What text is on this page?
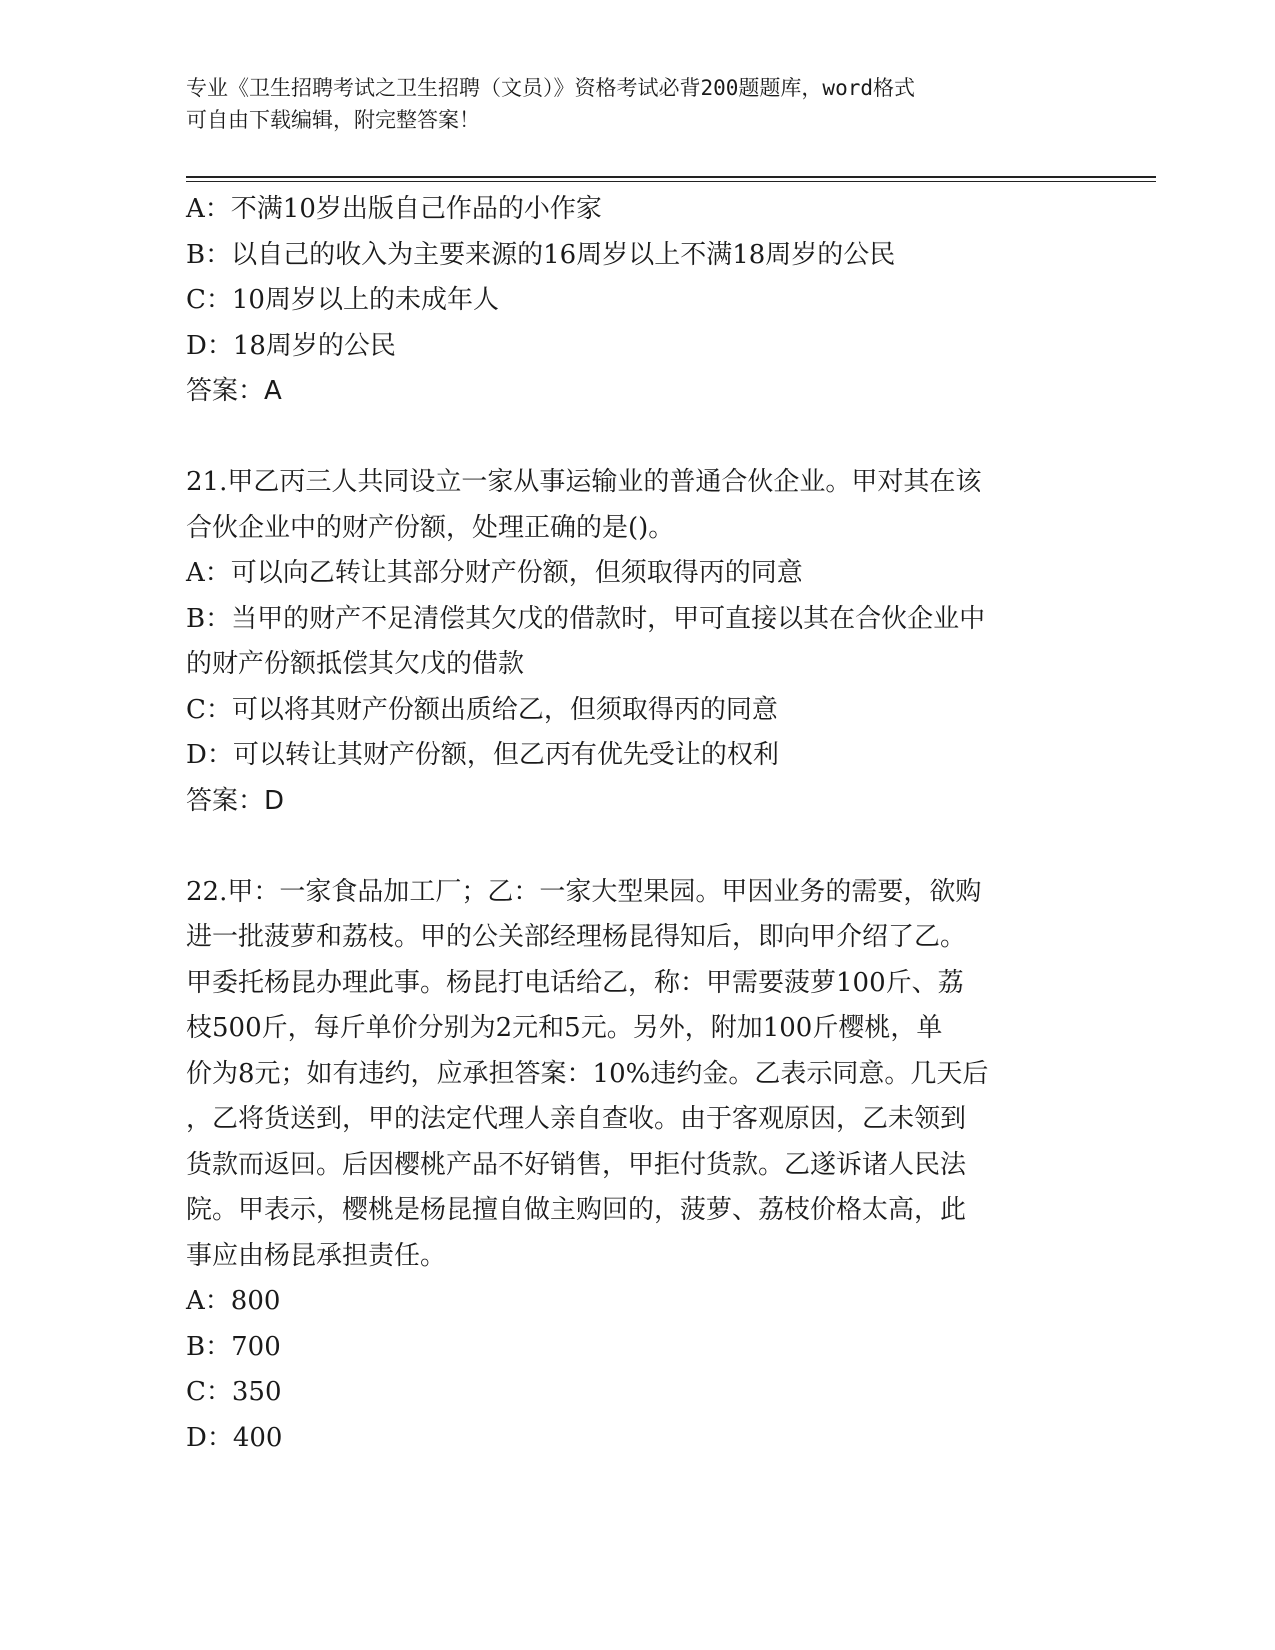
专业《卫生招聘考试之卫生招聘（文员）》资格考试必背200题题库，word格式
可自由下载编辑，附完整答案！
A：不满10岁出版自己作品的小作家
B：以自己的收入为主要来源的16周岁以上不满18周岁的公民
C：10周岁以上的未成年人
D：18周岁的公民
答案：A
21.甲乙丙三人共同设立一家从事运输业的普通合伙企业。甲对其在该
合伙企业中的财产份额，处理正确的是()。
A：可以向乙转让其部分财产份额，但须取得丙的同意
B：当甲的财产不足清偿其欠戊的借款时，甲可直接以其在合伙企业中
的财产份额抵偿其欠戊的借款
C：可以将其财产份额出质给乙，但须取得丙的同意
D：可以转让其财产份额，但乙丙有优先受让的权利
答案：D
22.甲：一家食品加工厂；乙：一家大型果园。甲因业务的需要，欲购
进一批菠萝和荔枝。甲的公关部经理杨昆得知后，即向甲介绍了乙。
甲委托杨昆办理此事。杨昆打电话给乙，称：甲需要菠萝100斤、荔
枝500斤，每斤单价分别为2元和5元。另外，附加100斤樱桃，单
价为8元；如有违约，应承担答案：10%违约金。乙表示同意。几天后
，乙将货送到，甲的法定代理人亲自查收。由于客观原因，乙未领到
货款而返回。后因樱桃产品不好销售，甲拒付货款。乙遂诉诸人民法
院。甲表示，樱桃是杨昆擅自做主购回的，菠萝、荔枝价格太高，此
事应由杨昆承担责任。
A：800
B：700
C：350
D：400
